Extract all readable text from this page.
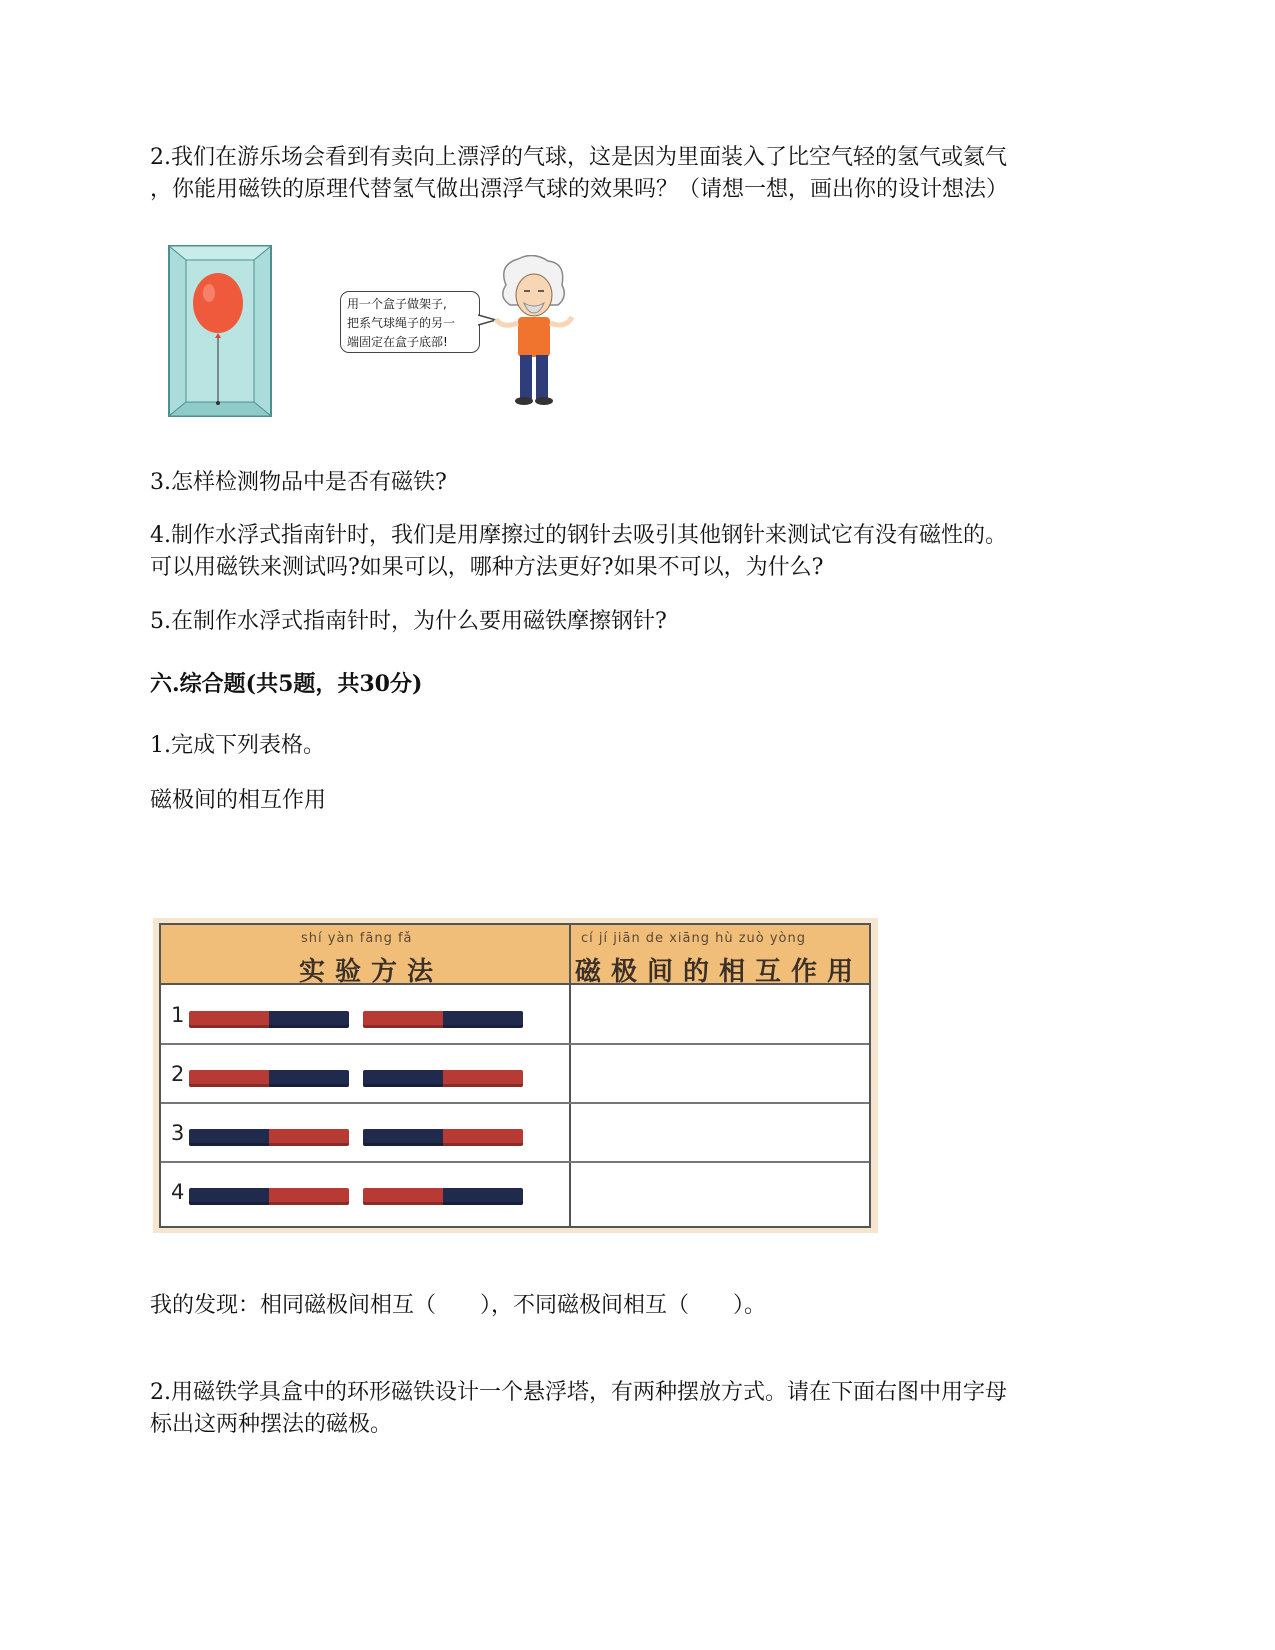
2.我们在游乐场会看到有卖向上漂浮的气球，这是因为里面装入了比空气轻的氢气或氦气
，你能用磁铁的原理代替氢气做出漂浮气球的效果吗？（请想一想，画出你的设计想法）
用一个盒子做架子,
把系气球绳子的另一
端固定在盒子底部!
3.怎样检测物品中是否有磁铁?
4.制作水浮式指南针时，我们是用摩擦过的钢针去吸引其他钢针来测试它有没有磁性的。
可以用磁铁来测试吗?如果可以，哪种方法更好?如果不可以，为什么?
5.在制作水浮式指南针时，为什么要用磁铁摩擦钢针?
六.综合题(共5题，共30分)
1.完成下列表格。
磁极间的相互作用
shí yàn fāng fǎ
实验方法
cí jí jiān de xiāng hù zuò yòng
磁极间的相互作用
1
2
3
4
我的发现：相同磁极间相互（　　），不同磁极间相互（　　）。
2.用磁铁学具盒中的环形磁铁设计一个悬浮塔，有两种摆放方式。请在下面右图中用字母
标出这两种摆法的磁极。
